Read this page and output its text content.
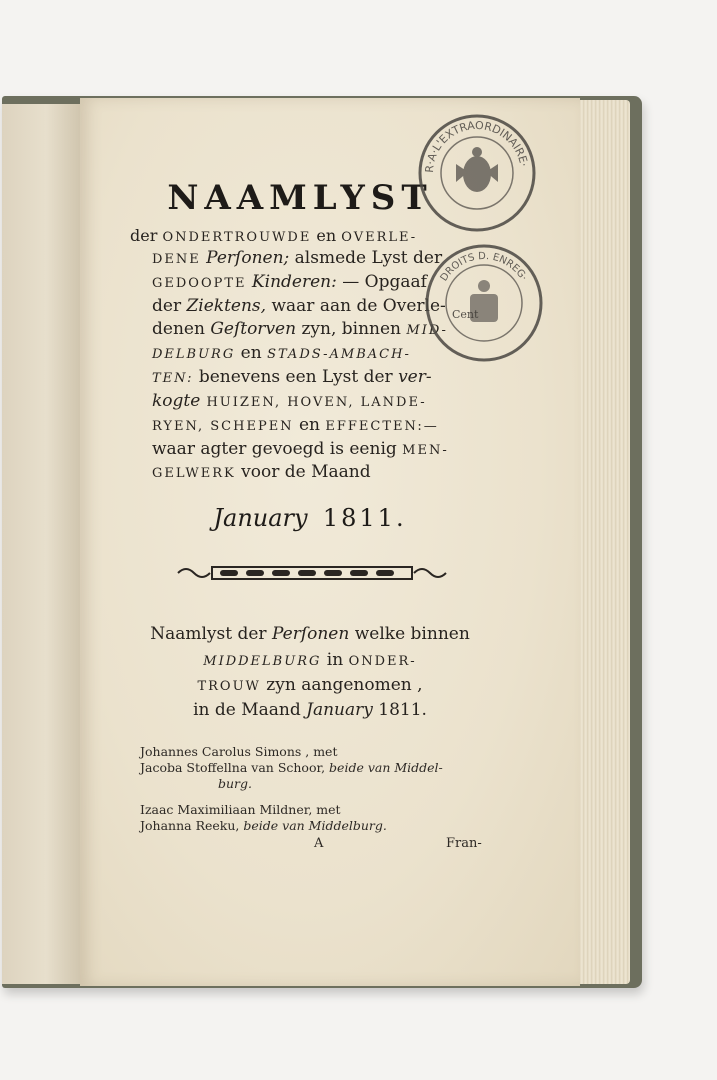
NAAMLYST
der ONDERTROUWDE en OVERLE-
DENE Perſonen; alsmede Lyst der
GEDOOPTE Kinderen: — Opgaaf
der Ziektens, waar aan de Overle-
denen Geſtorven zyn, binnen MID-
DELBURG en STADS-AMBACH-
TEN: benevens een Lyst der ver-
kogte HUIZEN, HOVEN, LANDE-
RYEN, SCHEPEN en EFFECTEN:—
waar agter gevoegd is eenig MEN-
GELWERK voor de Maand
January 1811.
Naamlyst der Perſonen welke binnen
MIDDELBURG in ONDER-
TROUW zyn aangenomen ,
in de Maand January 1811.
Johannes Carolus Simons , met
Jacoba Stoffellna van Schoor, beide van Middel-
burg.
Izaac Maximiliaan Mildner, met
Johanna Reeku, beide van Middelburg.
A	Fran-
R·A·L'EXTRAORDINAIRE·
DROITS D. ENREG·
Cent
